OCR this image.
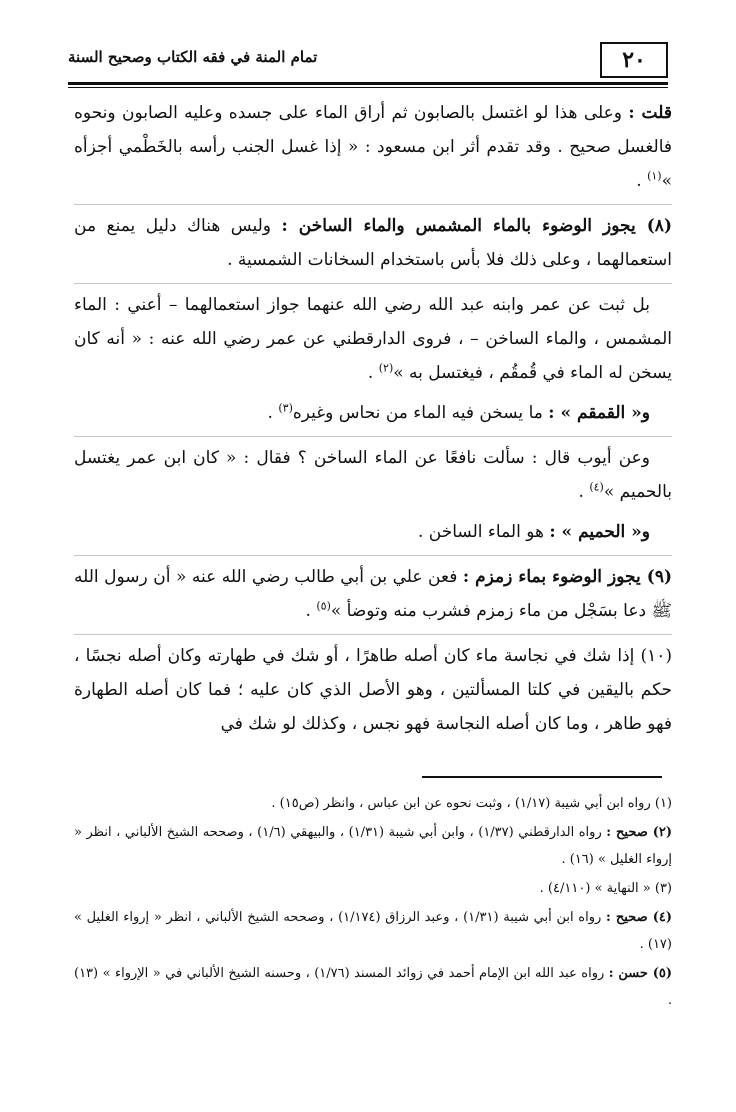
٢٠
تمام المنة في فقه الكتاب وصحيح السنة

قلت : وعلى هذا لو اغتسل بالصابون ثم أراق الماء على جسده وعليه الصابون ونحوه فالغسل صحيح . وقد تقدم أثر ابن مسعود : « إذا غسل الجنب رأسه بالخَطْمي أجزأه »$^{(١)}$ .

(٨) يجوز الوضوء بالماء المشمس والماء الساخن : وليس هناك دليل يمنع من استعمالهما ، وعلى ذلك فلا بأس باستخدام السخانات الشمسية .

بل ثبت عن عمر وابنه عبد الله رضي الله عنهما جواز استعمالهما – أعني : الماء المشمس ، والماء الساخن – ، فروى الدارقطني عن عمر رضي الله عنه : « أنه كان يسخن له الماء في قُمقُم ، فيغتسل به »$^{(٢)}$ .

و« القمقم » : ما يسخن فيه الماء من نحاس وغيره$^{(٣)}$ .

وعن أيوب قال : سألت نافعًا عن الماء الساخن ؟ فقال : « كان ابن عمر يغتسل بالحميم »$^{(٤)}$ .

و« الحميم » : هو الماء الساخن .

(٩) يجوز الوضوء بماء زمزم : فعن علي بن أبي طالب رضي الله عنه « أن رسول الله ﷺ دعا بسَجْل من ماء زمزم فشرب منه وتوضأ »$^{(٥)}$ .

(١٠) إذا شك في نجاسة ماء كان أصله طاهرًا ، أو شك في طهارته وكان أصله نجسًا ، حكم باليقين في كلتا المسألتين ، وهو الأصل الذي كان عليه ؛ فما كان أصله الطهارة فهو طاهر ، وما كان أصله النجاسة فهو نجس ، وكذلك لو شك في

(١) رواه ابن أبي شيبة (١/١٧) ، وثبت نحوه عن ابن عباس ، وانظر (ص١٥) .

(٢) صحيح : رواه الدارقطني (١/٣٧) ، وابن أبي شيبة (١/٣١) ، والبيهقي (١/٦) ، وصححه الشيخ الألباني ، انظر « إرواء الغليل » (١٦) .

(٣) « النهاية » (٤/١١٠) .

(٤) صحيح : رواه ابن أبي شيبة (١/٣١) ، وعبد الرزاق (١/١٧٤) ، وصححه الشيخ الألباني ، انظر « إرواء الغليل » (١٧) .

(٥) حسن : رواه عبد الله ابن الإمام أحمد في زوائد المسند (١/٧٦) ، وحسنه الشيخ الألباني في « الإرواء » (١٣) .
